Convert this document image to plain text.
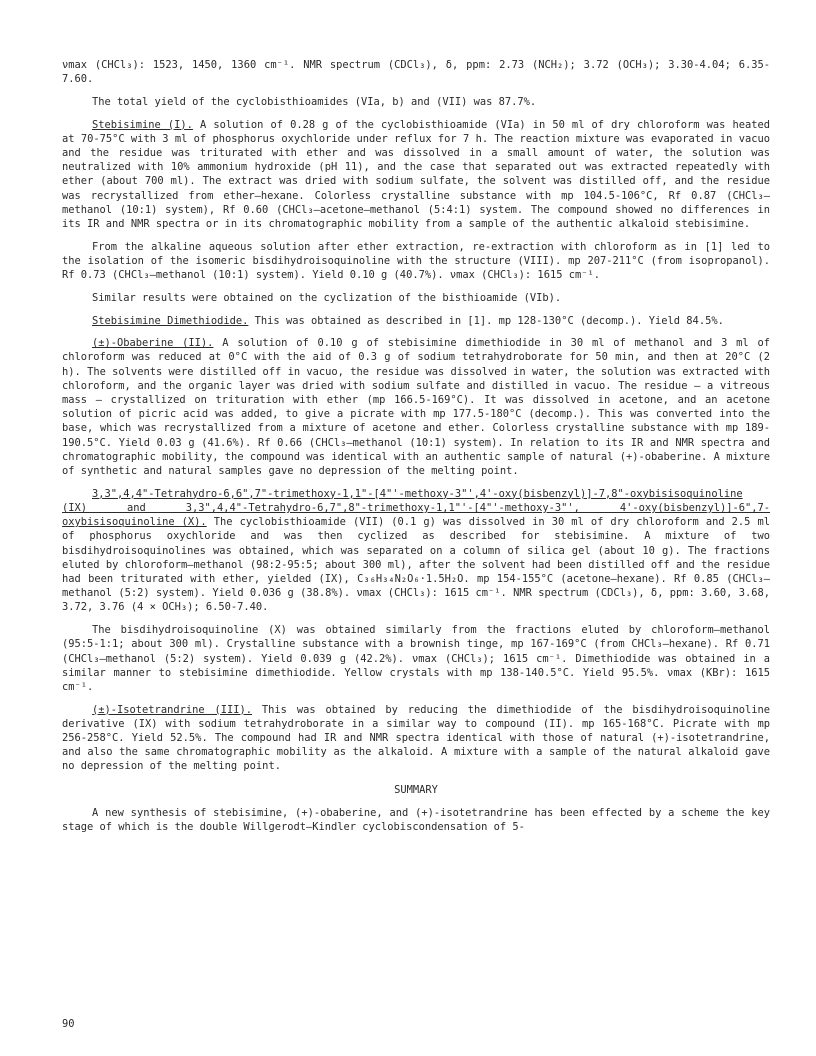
νmax (CHCl₃): 1523, 1450, 1360 cm⁻¹. NMR spectrum (CDCl₃), δ, ppm: 2.73 (NCH₂); 3.72 (OCH₃); 3.30-4.04; 6.35-7.60.

The total yield of the cyclobisthioamides (VIa, b) and (VII) was 87.7%.

Stebisimine (I). A solution of 0.28 g of the cyclobisthioamide (VIa) in 50 ml of dry chloroform was heated at 70-75°C with 3 ml of phosphorus oxychloride under reflux for 7 h. The reaction mixture was evaporated in vacuo and the residue was triturated with ether and was dissolved in a small amount of water, the solution was neutralized with 10% ammonium hydroxide (pH 11), and the case that separated out was extracted repeatedly with ether (about 700 ml). The extract was dried with sodium sulfate, the solvent was distilled off, and the residue was recrystallized from ether—hexane. Colorless crystalline substance with mp 104.5-106°C, Rf 0.87 (CHCl₃—methanol (10:1) system), Rf 0.60 (CHCl₃—acetone—methanol (5:4:1) system. The compound showed no differences in its IR and NMR spectra or in its chromatographic mobility from a sample of the authentic alkaloid stebisimine.

From the alkaline aqueous solution after ether extraction, re-extraction with chloroform as in [1] led to the isolation of the isomeric bisdihydroisoquinoline with the structure (VIII). mp 207-211°C (from isopropanol). Rf 0.73 (CHCl₃—methanol (10:1) system). Yield 0.10 g (40.7%). νmax (CHCl₃): 1615 cm⁻¹.

Similar results were obtained on the cyclization of the bisthioamide (VIb).

Stebisimine Dimethiodide. This was obtained as described in [1]. mp 128-130°C (decomp.). Yield 84.5%.

(±)-Obaberine (II). A solution of 0.10 g of stebisimine dimethiodide in 30 ml of methanol and 3 ml of chloroform was reduced at 0°C with the aid of 0.3 g of sodium tetrahydroborate for 50 min, and then at 20°C (2 h). The solvents were distilled off in vacuo, the residue was dissolved in water, the solution was extracted with chloroform, and the organic layer was dried with sodium sulfate and distilled in vacuo. The residue — a vitreous mass — crystallized on trituration with ether (mp 166.5-169°C). It was dissolved in acetone, and an acetone solution of picric acid was added, to give a picrate with mp 177.5-180°C (decomp.). This was converted into the base, which was recrystallized from a mixture of acetone and ether. Colorless crystalline substance with mp 189-190.5°C. Yield 0.03 g (41.6%). Rf 0.66 (CHCl₃—methanol (10:1) system). In relation to its IR and NMR spectra and chromatographic mobility, the compound was identical with an authentic sample of natural (+)-obaberine. A mixture of synthetic and natural samples gave no depression of the melting point.

3,3",4,4"-Tetrahydro-6,6",7"-trimethoxy-1,1"-[4"'-methoxy-3"',4'-oxy(bisbenzyl)]-7,8"-oxybisisoquinoline (IX) and 3,3",4,4"-Tetrahydro-6,7",8"-trimethoxy-1,1"'-[4"'-methoxy-3"', 4'-oxy(bisbenzyl)]-6",7-oxybisisoquinoline (X). The cyclobisthioamide (VII) (0.1 g) was dissolved in 30 ml of dry chloroform and 2.5 ml of phosphorus oxychloride and was then cyclized as described for stebisimine. A mixture of two bisdihydroisoquinolines was obtained, which was separated on a column of silica gel (about 10 g). The fractions eluted by chloroform—methanol (98:2-95:5; about 300 ml), after the solvent had been distilled off and the residue had been triturated with ether, yielded (IX), C₃₆H₃₄N₂O₆·1.5H₂O. mp 154-155°C (acetone—hexane). Rf 0.85 (CHCl₃—methanol (5:2) system). Yield 0.036 g (38.8%). νmax (CHCl₃): 1615 cm⁻¹. NMR spectrum (CDCl₃), δ, ppm: 3.60, 3.68, 3.72, 3.76 (4 × OCH₃); 6.50-7.40.

The bisdihydroisoquinoline (X) was obtained similarly from the fractions eluted by chloroform—methanol (95:5-1:1; about 300 ml). Crystalline substance with a brownish tinge, mp 167-169°C (from CHCl₃—hexane). Rf 0.71 (CHCl₃—methanol (5:2) system). Yield 0.039 g (42.2%). νmax (CHCl₃); 1615 cm⁻¹. Dimethiodide was obtained in a similar manner to stebisimine dimethiodide. Yellow crystals with mp 138-140.5°C. Yield 95.5%. νmax (KBr): 1615 cm⁻¹.

(±)-Isotetrandrine (III). This was obtained by reducing the dimethiodide of the bisdihydroisoquinoline derivative (IX) with sodium tetrahydroborate in a similar way to compound (II). mp 165-168°C. Picrate with mp 256-258°C. Yield 52.5%. The compound had IR and NMR spectra identical with those of natural (+)-isotetrandrine, and also the same chromatographic mobility as the alkaloid. A mixture with a sample of the natural alkaloid gave no depression of the melting point.

SUMMARY

A new synthesis of stebisimine, (+)-obaberine, and (+)-isotetrandrine has been effected by a scheme the key stage of which is the double Willgerodt—Kindler cyclobiscondensation of 5-

90
